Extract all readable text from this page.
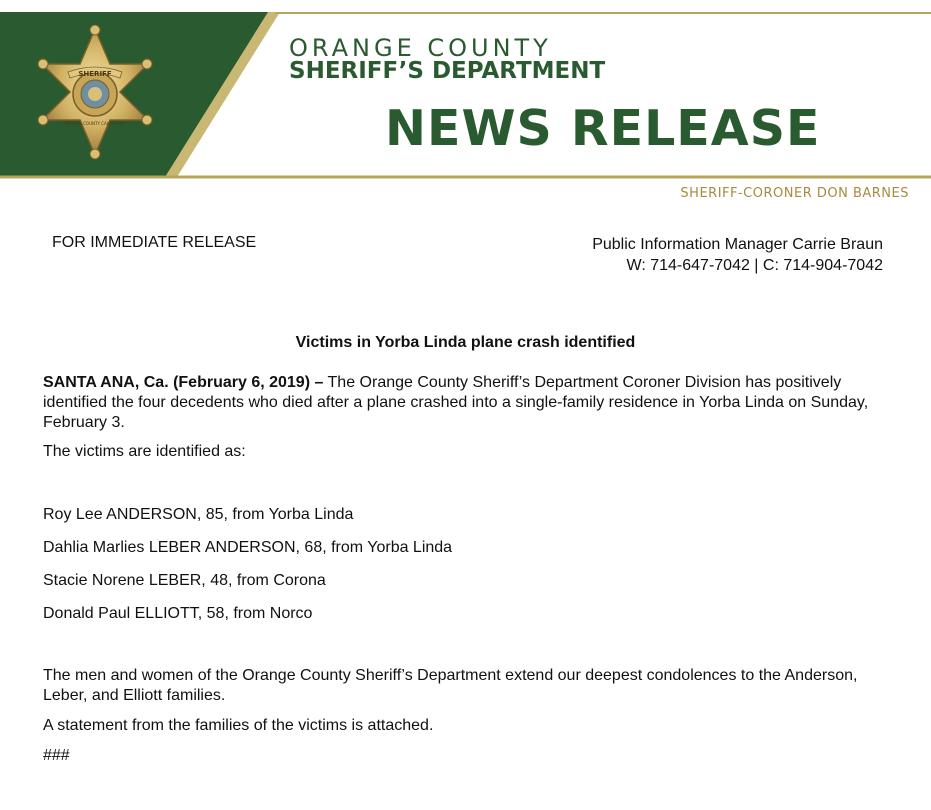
SHERIFF
ORANGE COUNTY CALIFORNIA
ORANGE COUNTY
SHERIFF’S DEPARTMENT
NEWS RELEASE
SHERIFF-CORONER DON BARNES
FOR IMMEDIATE RELEASE	Public Information Manager Carrie Braun
W: 714-647-7042 | C: 714-904-7042
Victims in Yorba Linda plane crash identified

SANTA ANA, Ca. (February 6, 2019) – The Orange County Sheriff’s Department Coroner Division has positively identified the four decedents who died after a plane crashed into a single-family residence in Yorba Linda on Sunday, February 3.

The victims are identified as:

Roy Lee ANDERSON, 85, from Yorba Linda

Dahlia Marlies LEBER ANDERSON, 68, from Yorba Linda

Stacie Norene LEBER, 48, from Corona

Donald Paul ELLIOTT, 58, from Norco

The men and women of the Orange County Sheriff’s Department extend our deepest condolences to the Anderson, Leber, and Elliott families.

A statement from the families of the victims is attached.

###
